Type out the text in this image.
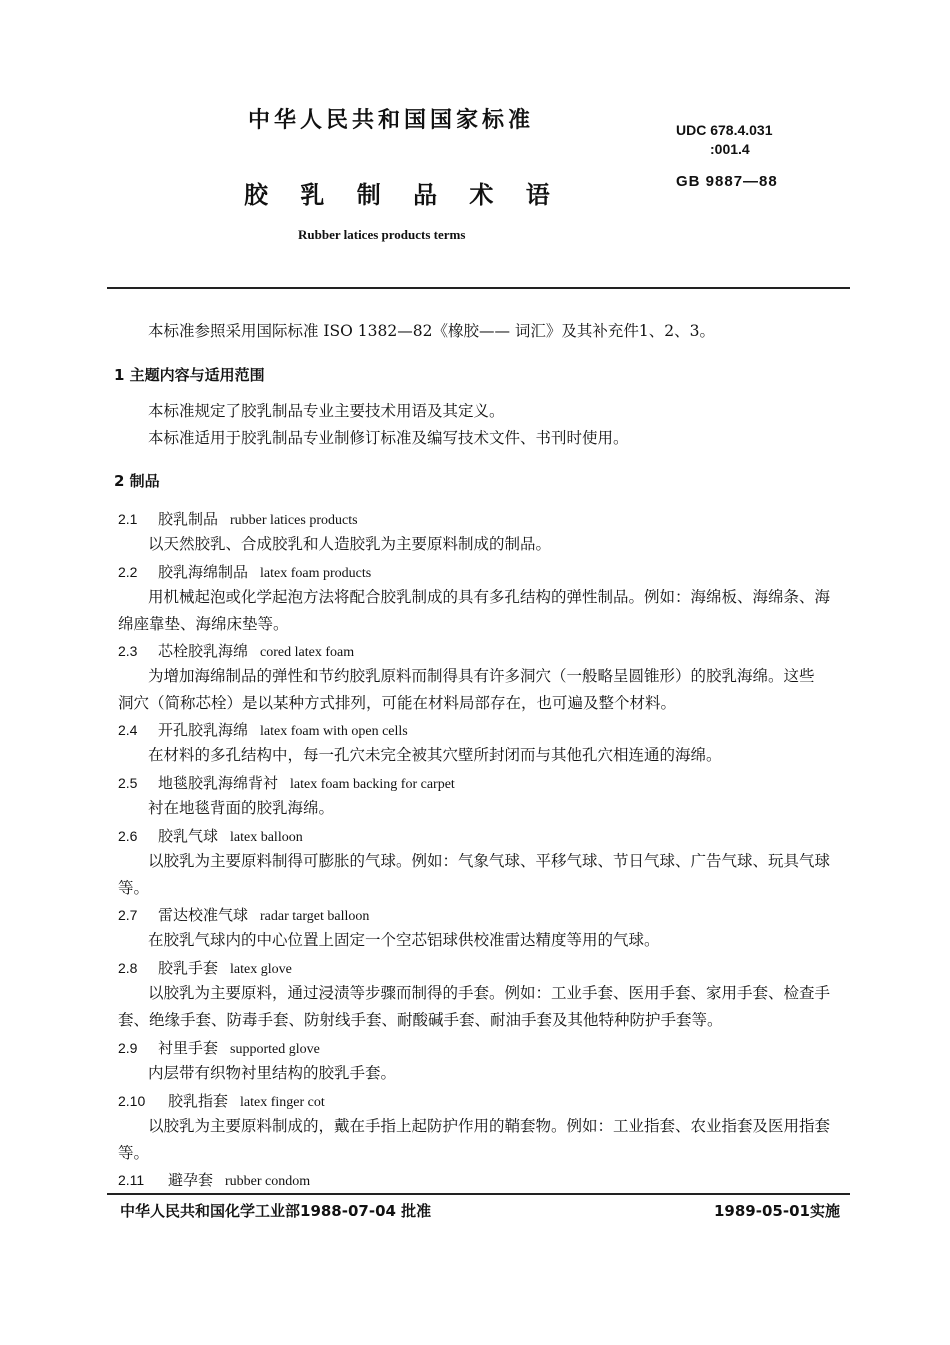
中华人民共和国国家标准
胶 乳 制 品 术 语
Rubber latices products terms
UDC 678.4.031
:001.4
GB 9887—88
本标准参照采用国际标准 ISO 1382—82《橡胶—— 词汇》及其补充件1、2、3。
1 主题内容与适用范围
本标准规定了胶乳制品专业主要技术用语及其定义。
本标准适用于胶乳制品专业制修订标准及编写技术文件、书刊时使用。
2 制品
2.1 胶乳制品 rubber latices products
以天然胶乳、合成胶乳和人造胶乳为主要原料制成的制品。
2.2 胶乳海绵制品 latex foam products
用机械起泡或化学起泡方法将配合胶乳制成的具有多孔结构的弹性制品。例如：海绵板、海绵条、海
绵座靠垫、海绵床垫等。
2.3 芯栓胶乳海绵 cored latex foam
为增加海绵制品的弹性和节约胶乳原料而制得具有许多洞穴（一般略呈圆锥形）的胶乳海绵。这些
洞穴（简称芯栓）是以某种方式排列，可能在材料局部存在，也可遍及整个材料。
2.4 开孔胶乳海绵 latex foam with open cells
在材料的多孔结构中，每一孔穴未完全被其穴壁所封闭而与其他孔穴相连通的海绵。
2.5 地毯胶乳海绵背衬 latex foam backing for carpet
衬在地毯背面的胶乳海绵。
2.6 胶乳气球 latex balloon
以胶乳为主要原料制得可膨胀的气球。例如：气象气球、平移气球、节日气球、广告气球、玩具气球
等。
2.7 雷达校准气球 radar target balloon
在胶乳气球内的中心位置上固定一个空芯铝球供校准雷达精度等用的气球。
2.8 胶乳手套 latex glove
以胶乳为主要原料，通过浸渍等步骤而制得的手套。例如：工业手套、医用手套、家用手套、检查手
套、绝缘手套、防毒手套、防射线手套、耐酸碱手套、耐油手套及其他特种防护手套等。
2.9 衬里手套 supported glove
内层带有织物衬里结构的胶乳手套。
2.10 胶乳指套 latex finger cot
以胶乳为主要原料制成的，戴在手指上起防护作用的鞘套物。例如：工业指套、农业指套及医用指套
等。
2.11 避孕套 rubber condom
中华人民共和国化学工业部1988-07-04 批准	1989-05-01实施
